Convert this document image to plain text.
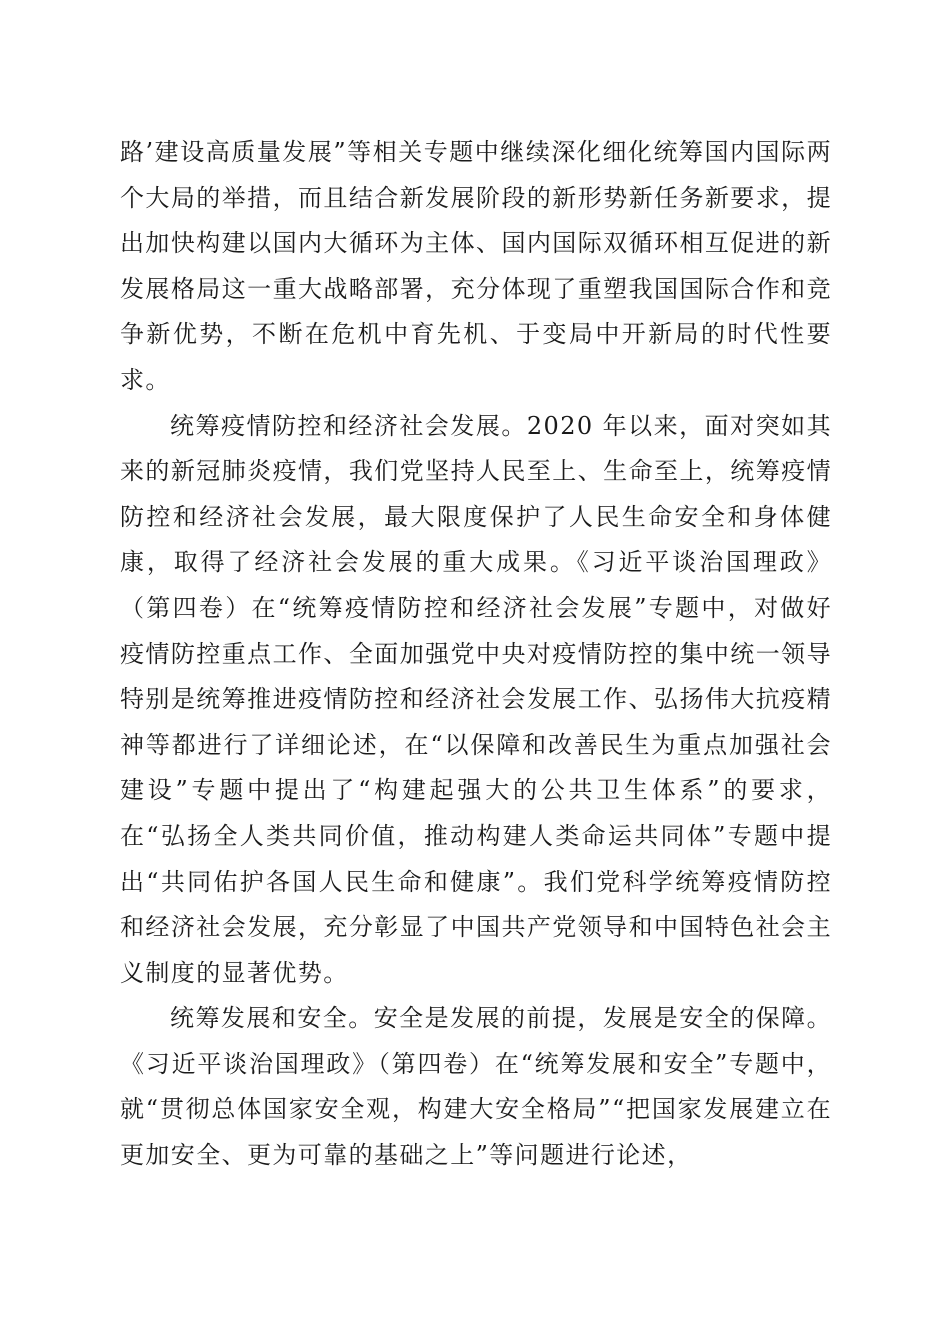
路’建设高质量发展”等相关专题中继续深化细化统筹国内国际两个大局的举措，而且结合新发展阶段的新形势新任务新要求，提出加快构建以国内大循环为主体、国内国际双循环相互促进的新发展格局这一重大战略部署，充分体现了重塑我国国际合作和竞争新优势，不断在危机中育先机、于变局中开新局的时代性要求。

统筹疫情防控和经济社会发展。2020 年以来，面对突如其来的新冠肺炎疫情，我们党坚持人民至上、生命至上，统筹疫情防控和经济社会发展，最大限度保护了人民生命安全和身体健康，取得了经济社会发展的重大成果。《习近平谈治国理政》（第四卷）在“统筹疫情防控和经济社会发展”专题中，对做好疫情防控重点工作、全面加强党中央对疫情防控的集中统一领导特别是统筹推进疫情防控和经济社会发展工作、弘扬伟大抗疫精神等都进行了详细论述，在“以保障和改善民生为重点加强社会建设”专题中提出了“构建起强大的公共卫生体系”的要求，在“弘扬全人类共同价值，推动构建人类命运共同体”专题中提出“共同佑护各国人民生命和健康”。我们党科学统筹疫情防控和经济社会发展，充分彰显了中国共产党领导和中国特色社会主义制度的显著优势。

统筹发展和安全。安全是发展的前提，发展是安全的保障。《习近平谈治国理政》（第四卷）在“统筹发展和安全”专题中，就“贯彻总体国家安全观，构建大安全格局”“把国家发展建立在更加安全、更为可靠的基础之上”等问题进行论述，
